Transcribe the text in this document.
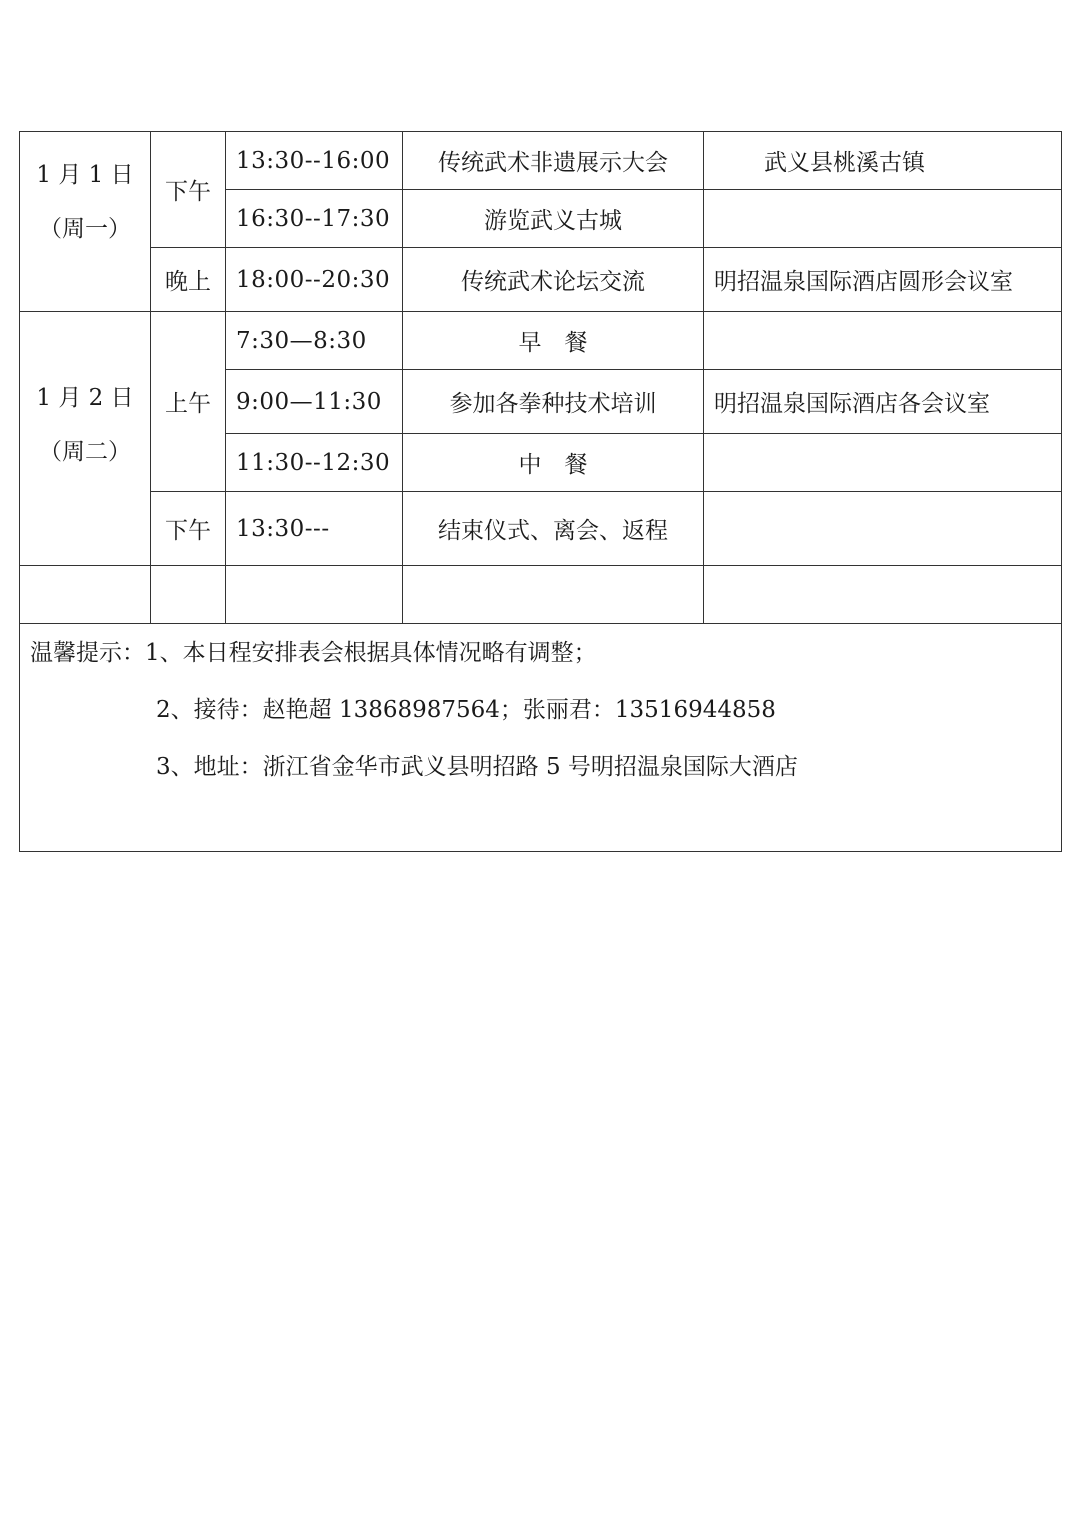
1 月 1 日
（周一）	下午	13:30--16:00	传统武术非遗展示大会	武义县桃溪古镇
		16:30--17:30	游览武义古城	
	晚上	18:00--20:30	传统武术论坛交流	明招温泉国际酒店圆形会议室

1 月 2 日
（周二）	上午	7:30—8:30	早　餐	
		9:00—11:30	参加各拳种技术培训	明招温泉国际酒店各会议室
		11:30--12:30	中　餐	
	下午	13:30---	结束仪式、离会、返程	

温馨提示：1、本日程安排表会根据具体情况略有调整；
2、接待：赵艳超 13868987564；张丽君：13516944858
3、地址：浙江省金华市武义县明招路 5 号明招温泉国际大酒店				
